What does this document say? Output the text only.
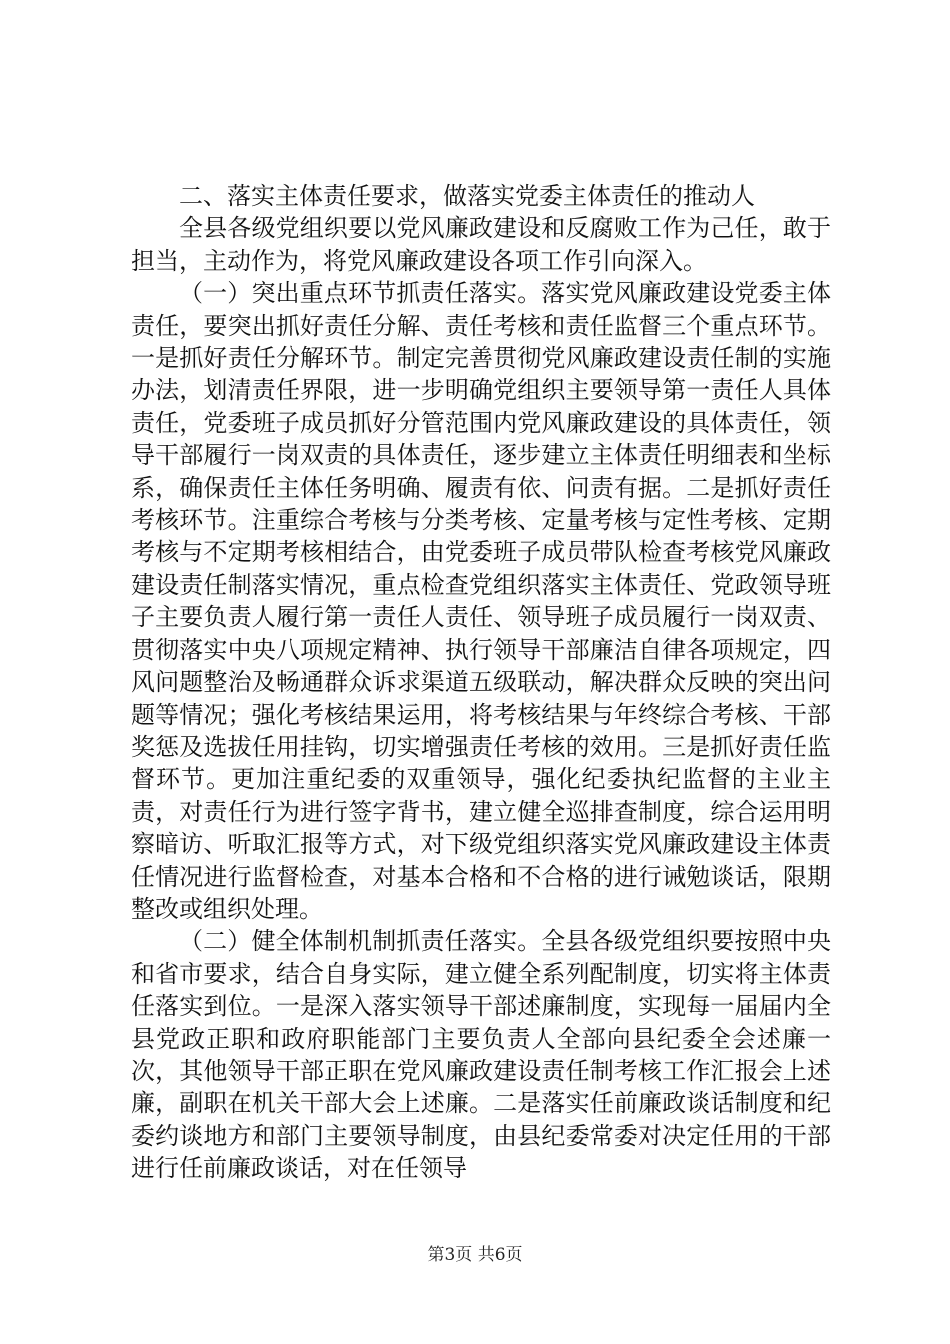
二、落实主体责任要求，做落实党委主体责任的推动人

全县各级党组织要以党风廉政建设和反腐败工作为己任，敢于担当，主动作为，将党风廉政建设各项工作引向深入。

（一）突出重点环节抓责任落实。落实党风廉政建设党委主体责任，要突出抓好责任分解、责任考核和责任监督三个重点环节。一是抓好责任分解环节。制定完善贯彻党风廉政建设责任制的实施办法，划清责任界限，进一步明确党组织主要领导第一责任人具体责任，党委班子成员抓好分管范围内党风廉政建设的具体责任，领导干部履行一岗双责的具体责任，逐步建立主体责任明细表和坐标系，确保责任主体任务明确、履责有依、问责有据。二是抓好责任考核环节。注重综合考核与分类考核、定量考核与定性考核、定期考核与不定期考核相结合，由党委班子成员带队检查考核党风廉政建设责任制落实情况，重点检查党组织落实主体责任、党政领导班子主要负责人履行第一责任人责任、领导班子成员履行一岗双责、贯彻落实中央八项规定精神、执行领导干部廉洁自律各项规定，四风问题整治及畅通群众诉求渠道五级联动，解决群众反映的突出问题等情况；强化考核结果运用，将考核结果与年终综合考核、干部奖惩及选拔任用挂钩，切实增强责任考核的效用。三是抓好责任监督环节。更加注重纪委的双重领导，强化纪委执纪监督的主业主责，对责任行为进行签字背书，建立健全巡排查制度，综合运用明察暗访、听取汇报等方式，对下级党组织落实党风廉政建设主体责任情况进行监督检查，对基本合格和不合格的进行诫勉谈话，限期整改或组织处理。

（二）健全体制机制抓责任落实。全县各级党组织要按照中央和省市要求，结合自身实际，建立健全系列配制度，切实将主体责任落实到位。一是深入落实领导干部述廉制度，实现每一届届内全县党政正职和政府职能部门主要负责人全部向县纪委全会述廉一次，其他领导干部正职在党风廉政建设责任制考核工作汇报会上述廉，副职在机关干部大会上述廉。二是落实任前廉政谈话制度和纪委约谈地方和部门主要领导制度，由县纪委常委对决定任用的干部进行任前廉政谈话，对在任领导

第3页 共6页
